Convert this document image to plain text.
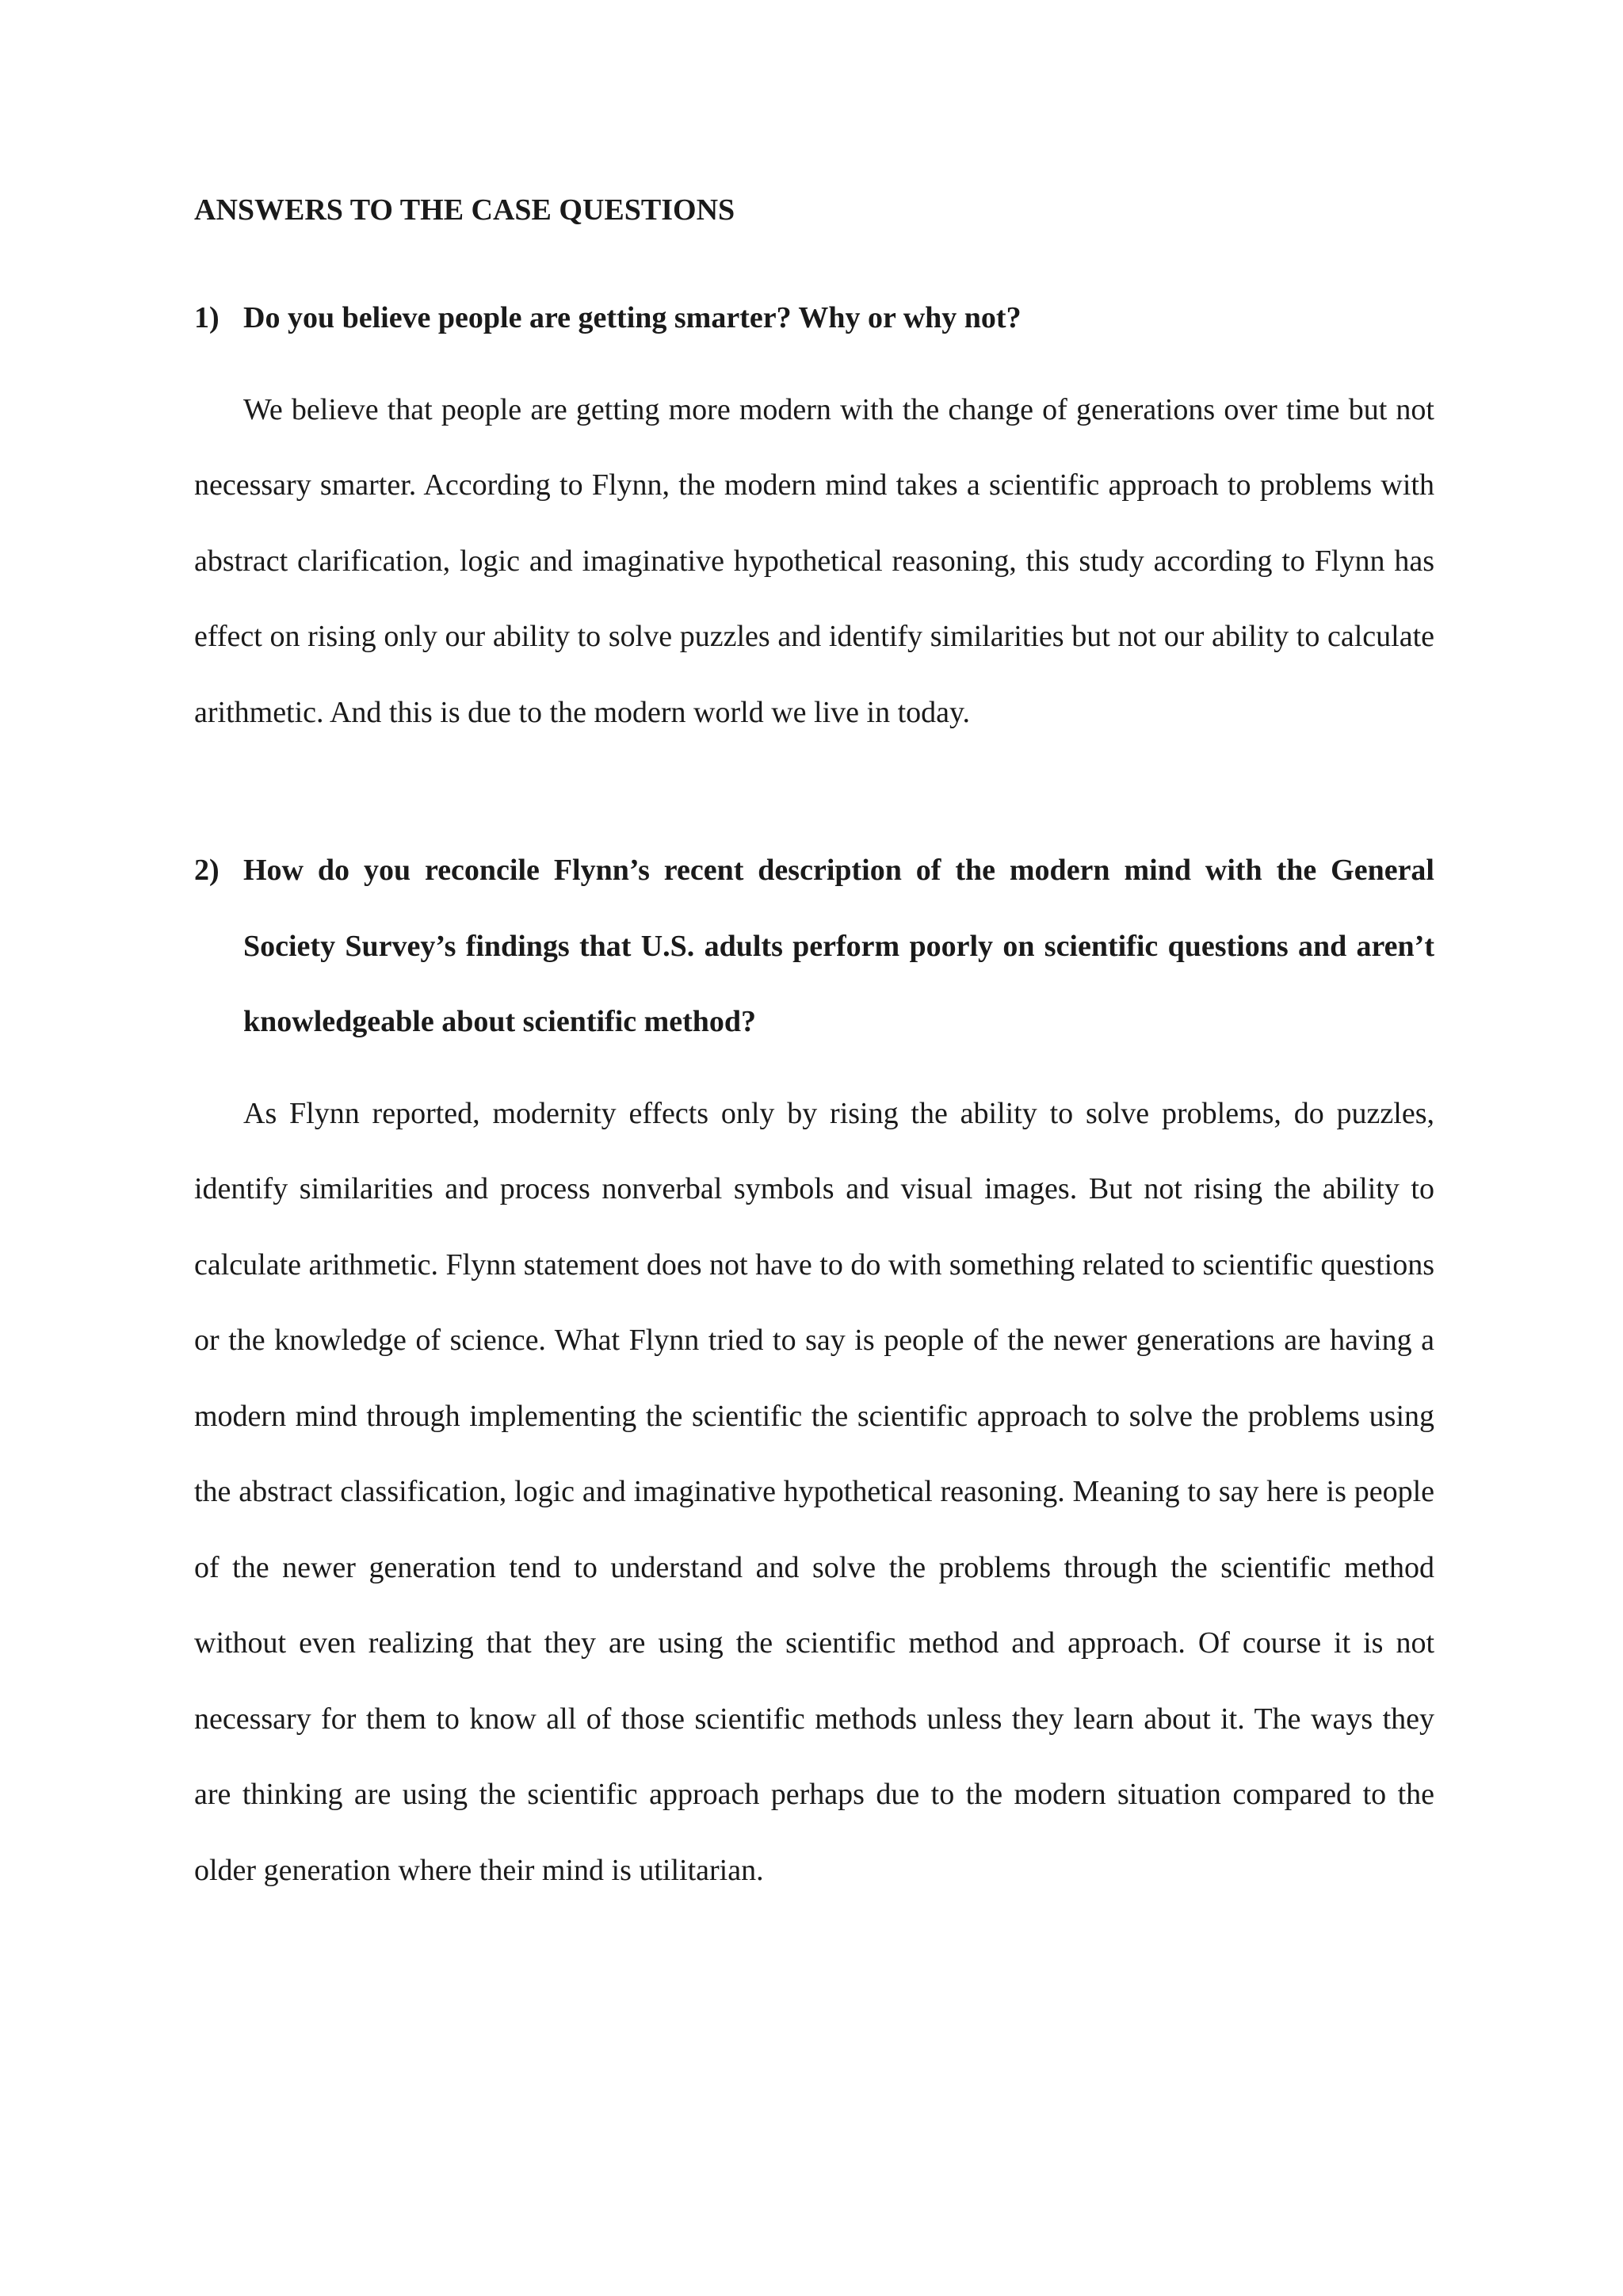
ANSWERS TO THE CASE QUESTIONS
1) Do you believe people are getting smarter? Why or why not?

We believe that people are getting more modern with the change of generations over time but not necessary smarter. According to Flynn, the modern mind takes a scientific approach to problems with abstract clarification, logic and imaginative hypothetical reasoning, this study according to Flynn has effect on rising only our ability to solve puzzles and identify similarities but not our ability to calculate arithmetic. And this is due to the modern world we live in today.

2) How do you reconcile Flynn’s recent description of the modern mind with the General Society Survey’s findings that U.S. adults perform poorly on scientific questions and aren’t knowledgeable about scientific method?

As Flynn reported, modernity effects only by rising the ability to solve problems, do puzzles, identify similarities and process nonverbal symbols and visual images. But not rising the ability to calculate arithmetic. Flynn statement does not have to do with something related to scientific questions or the knowledge of science. What Flynn tried to say is people of the newer generations are having a modern mind through implementing the scientific the scientific approach to solve the problems using the abstract classification, logic and imaginative hypothetical reasoning. Meaning to say here is people of the newer generation tend to understand and solve the problems through the scientific method without even realizing that they are using the scientific method and approach. Of course it is not necessary for them to know all of those scientific methods unless they learn about it. The ways they are thinking are using the scientific approach perhaps due to the modern situation compared to the older generation where their mind is utilitarian.
